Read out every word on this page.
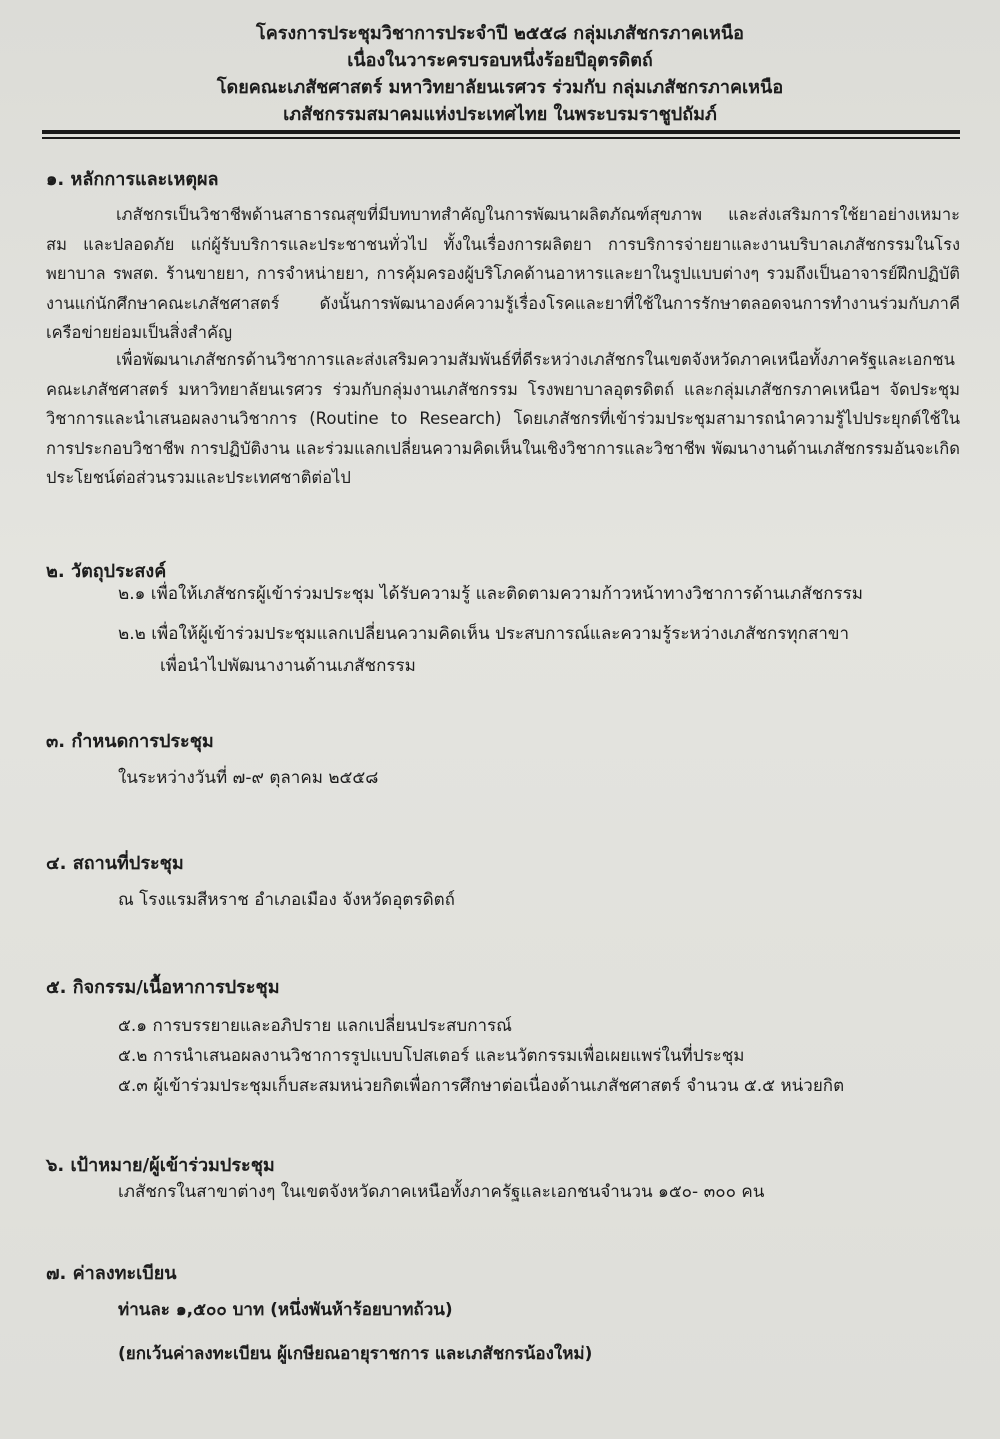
โครงการประชุมวิชาการประจำปี ๒๕๕๘ กลุ่มเภสัชกรภาคเหนือ
เนื่องในวาระครบรอบหนึ่งร้อยปีอุตรดิตถ์
โดยคณะเภสัชศาสตร์ มหาวิทยาลัยนเรศวร ร่วมกับ กลุ่มเภสัชกรภาคเหนือ
เภสัชกรรมสมาคมแห่งประเทศไทย ในพระบรมราชูปถัมภ์
๑. หลักการและเหตุผล
เภสัชกรเป็นวิชาชีพด้านสาธารณสุขที่มีบทบาทสำคัญในการพัฒนาผลิตภัณฑ์สุขภาพ และส่งเสริมการใช้ยาอย่างเหมาะสม และปลอดภัย แก่ผู้รับบริการและประชาชนทั่วไป ทั้งในเรื่องการผลิตยา การบริการจ่ายยาและงานบริบาลเภสัชกรรมในโรงพยาบาล รพสต. ร้านขายยา, การจำหน่ายยา, การคุ้มครองผู้บริโภคด้านอาหารและยาในรูปแบบต่างๆ รวมถึงเป็นอาจารย์ฝึกปฏิบัติงานแก่นักศึกษาคณะเภสัชศาสตร์ ดังนั้นการพัฒนาองค์ความรู้เรื่องโรคและยาที่ใช้ในการรักษาตลอดจนการทำงานร่วมกับภาคีเครือข่ายย่อมเป็นสิ่งสำคัญ
เพื่อพัฒนาเภสัชกรด้านวิชาการและส่งเสริมความสัมพันธ์ที่ดีระหว่างเภสัชกรในเขตจังหวัดภาคเหนือทั้งภาครัฐและเอกชน คณะเภสัชศาสตร์ มหาวิทยาลัยนเรศวร ร่วมกับกลุ่มงานเภสัชกรรม โรงพยาบาลอุตรดิตถ์ และกลุ่มเภสัชกรภาคเหนือฯ จัดประชุมวิชาการและนำเสนอผลงานวิชาการ (Routine to Research) โดยเภสัชกรที่เข้าร่วมประชุมสามารถนำความรู้ไปประยุกต์ใช้ในการประกอบวิชาชีพ การปฏิบัติงาน และร่วมแลกเปลี่ยนความคิดเห็นในเชิงวิชาการและวิชาชีพ พัฒนางานด้านเภสัชกรรมอันจะเกิดประโยชน์ต่อส่วนรวมและประเทศชาติต่อไป
๒. วัตถุประสงค์
๒.๑ เพื่อให้เภสัชกรผู้เข้าร่วมประชุม ได้รับความรู้ และติดตามความก้าวหน้าทางวิชาการด้านเภสัชกรรม
๒.๒ เพื่อให้ผู้เข้าร่วมประชุมแลกเปลี่ยนความคิดเห็น ประสบการณ์และความรู้ระหว่างเภสัชกรทุกสาขา
เพื่อนำไปพัฒนางานด้านเภสัชกรรม
๓. กำหนดการประชุม
ในระหว่างวันที่ ๗-๙ ตุลาคม ๒๕๕๘
๔. สถานที่ประชุม
ณ โรงแรมสีหราช อำเภอเมือง จังหวัดอุตรดิตถ์
๕. กิจกรรม/เนื้อหาการประชุม
๕.๑ การบรรยายและอภิปราย แลกเปลี่ยนประสบการณ์
๕.๒ การนำเสนอผลงานวิชาการรูปแบบโปสเตอร์ และนวัตกรรมเพื่อเผยแพร่ในที่ประชุม
๕.๓ ผู้เข้าร่วมประชุมเก็บสะสมหน่วยกิตเพื่อการศึกษาต่อเนื่องด้านเภสัชศาสตร์ จำนวน ๕.๕ หน่วยกิต
๖. เป้าหมาย/ผู้เข้าร่วมประชุม
เภสัชกรในสาขาต่างๆ ในเขตจังหวัดภาคเหนือทั้งภาครัฐและเอกชนจำนวน ๑๕๐- ๓๐๐ คน
๗. ค่าลงทะเบียน
ท่านละ ๑,๕๐๐ บาท (หนึ่งพันห้าร้อยบาทถ้วน)
(ยกเว้นค่าลงทะเบียน ผู้เกษียณอายุราชการ และเภสัชกรน้องใหม่)
